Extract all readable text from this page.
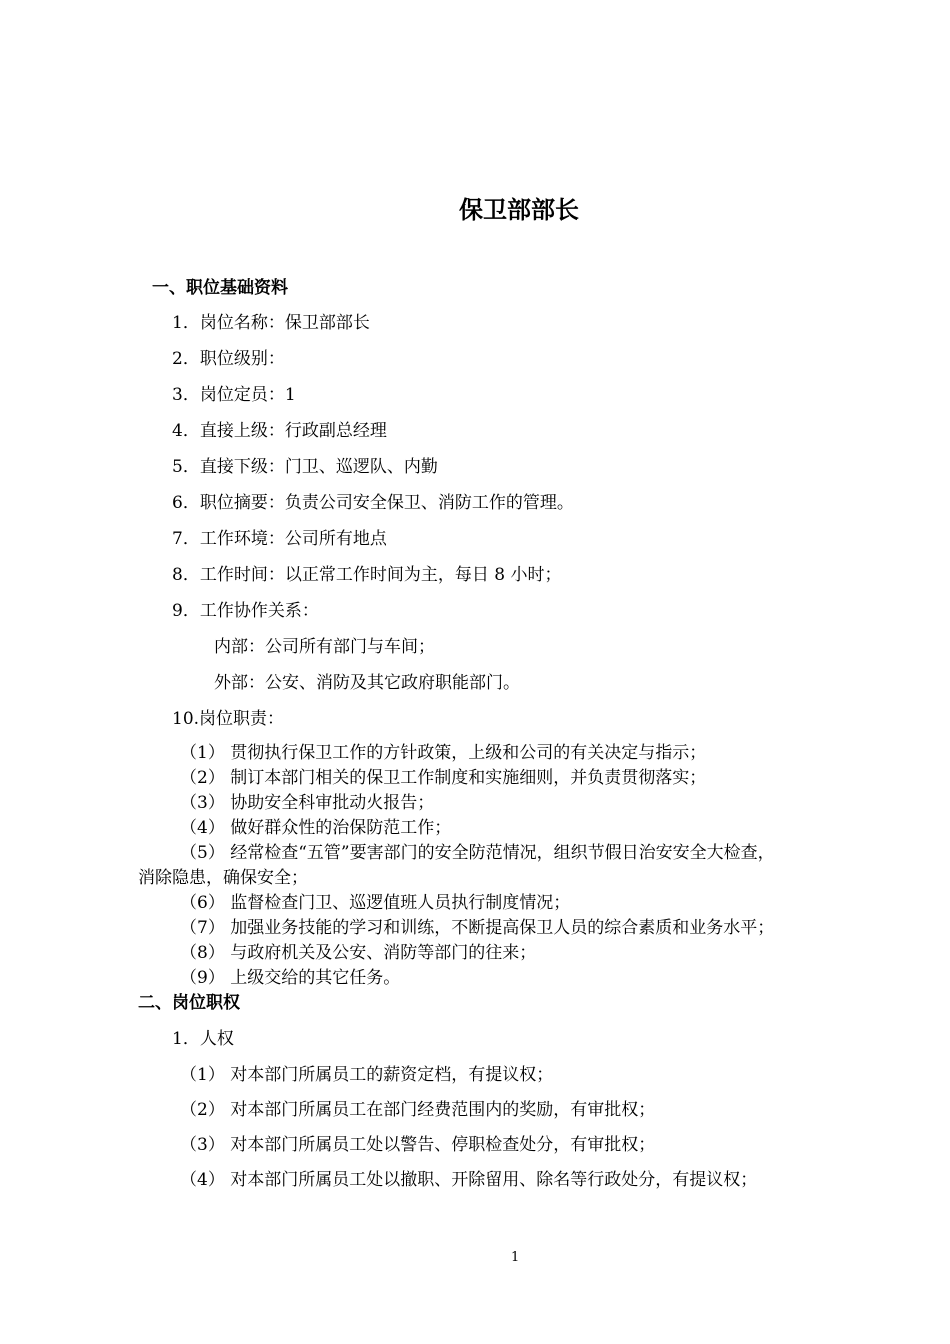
保卫部部长
一、职位基础资料
1．岗位名称：保卫部部长
2．职位级别：
3．岗位定员：1
4．直接上级：行政副总经理
5．直接下级：门卫、巡逻队、内勤
6．职位摘要：负责公司安全保卫、消防工作的管理。
7．工作环境：公司所有地点
8．工作时间：以正常工作时间为主，每日 8 小时；
9．工作协作关系：
内部：公司所有部门与车间；
外部：公安、消防及其它政府职能部门。
10.岗位职责：
（1） 贯彻执行保卫工作的方针政策，上级和公司的有关决定与指示；
（2） 制订本部门相关的保卫工作制度和实施细则，并负责贯彻落实；
（3） 协助安全科审批动火报告；
（4） 做好群众性的治保防范工作；
（5） 经常检查“五管”要害部门的安全防范情况，组织节假日治安安全大检查，
消除隐患，确保安全；
（6） 监督检查门卫、巡逻值班人员执行制度情况；
（7） 加强业务技能的学习和训练，不断提高保卫人员的综合素质和业务水平；
（8） 与政府机关及公安、消防等部门的往来；
（9） 上级交给的其它任务。
二、岗位职权
1．人权
（1） 对本部门所属员工的薪资定档，有提议权；
（2） 对本部门所属员工在部门经费范围内的奖励，有审批权；
（3） 对本部门所属员工处以警告、停职检查处分，有审批权；
（4） 对本部门所属员工处以撤职、开除留用、除名等行政处分，有提议权；
1
